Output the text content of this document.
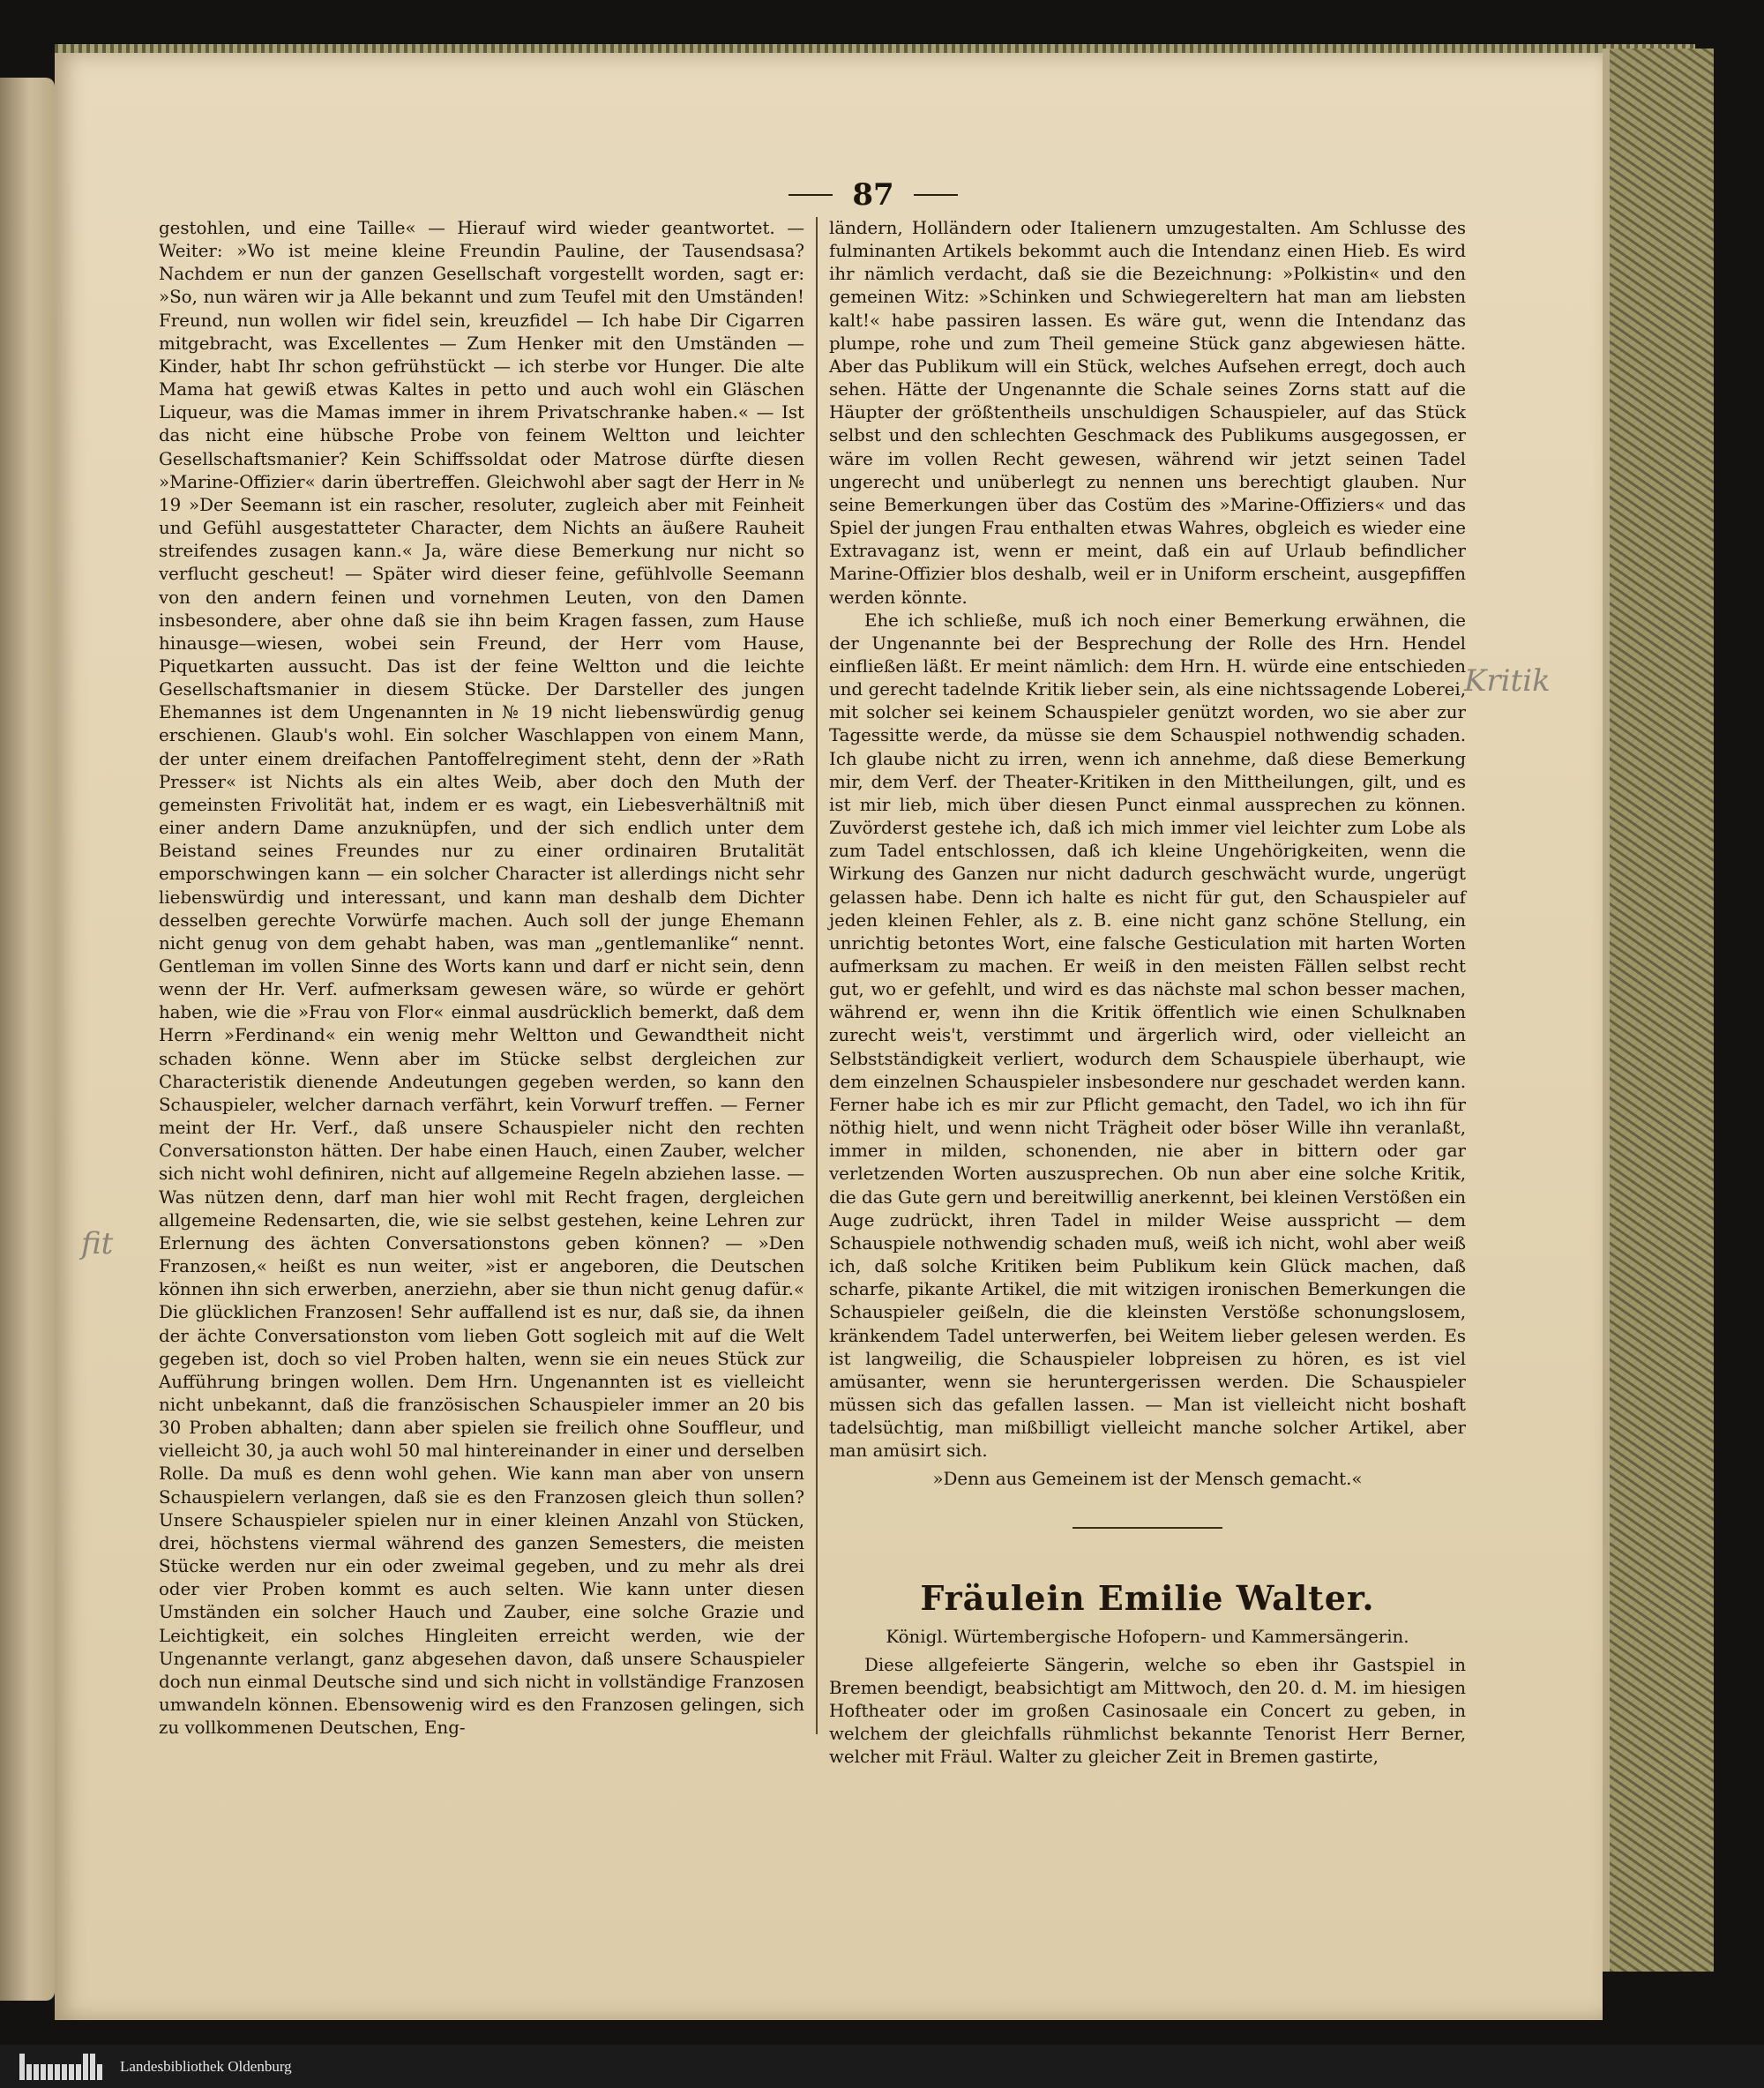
87

gestohlen, und eine Taille« — Hierauf wird wieder geantwortet. — Weiter: »Wo ist meine kleine Freundin Pauline, der Tausendsasa? Nachdem er nun der ganzen Gesellschaft vorgestellt worden, sagt er: »So, nun wären wir ja Alle bekannt und zum Teufel mit den Umständen! Freund, nun wollen wir fidel sein, kreuzfidel — Ich habe Dir Cigarren mitgebracht, was Excellentes — Zum Henker mit den Umständen — Kinder, habt Ihr schon gefrühstückt — ich sterbe vor Hunger. Die alte Mama hat gewiß etwas Kaltes in petto und auch wohl ein Gläschen Liqueur, was die Mamas immer in ihrem Privatschranke haben.« — Ist das nicht eine hübsche Probe von feinem Weltton und leichter Gesellschaftsmanier? Kein Schiffssoldat oder Matrose dürfte diesen »Marine-Offizier« darin übertreffen. Gleichwohl aber sagt der Herr in № 19 »Der Seemann ist ein rascher, resoluter, zugleich aber mit Feinheit und Gefühl ausgestatteter Character, dem Nichts an äußere Rauheit streifendes zusagen kann.« Ja, wäre diese Bemerkung nur nicht so verflucht gescheut! — Später wird dieser feine, gefühlvolle Seemann von den andern feinen und vornehmen Leuten, von den Damen insbesondere, aber ohne daß sie ihn beim Kragen fassen, zum Hause hinausge—wiesen, wobei sein Freund, der Herr vom Hause, Piquetkarten aussucht. Das ist der feine Weltton und die leichte Gesellschaftsmanier in diesem Stücke. Der Darsteller des jungen Ehemannes ist dem Ungenannten in № 19 nicht liebenswürdig genug erschienen. Glaub's wohl. Ein solcher Waschlappen von einem Mann, der unter einem dreifachen Pantoffelregiment steht, denn der »Rath Presser« ist Nichts als ein altes Weib, aber doch den Muth der gemeinsten Frivolität hat, indem er es wagt, ein Liebesverhältniß mit einer andern Dame anzuknüpfen, und der sich endlich unter dem Beistand seines Freundes nur zu einer ordinairen Brutalität emporschwingen kann — ein solcher Character ist allerdings nicht sehr liebenswürdig und interessant, und kann man deshalb dem Dichter desselben gerechte Vorwürfe machen. Auch soll der junge Ehemann nicht genug von dem gehabt haben, was man „gentlemanlike“ nennt. Gentleman im vollen Sinne des Worts kann und darf er nicht sein, denn wenn der Hr. Verf. aufmerksam gewesen wäre, so würde er gehört haben, wie die »Frau von Flor« einmal ausdrücklich bemerkt, daß dem Herrn »Ferdinand« ein wenig mehr Weltton und Gewandtheit nicht schaden könne. Wenn aber im Stücke selbst dergleichen zur Characteristik dienende Andeutungen gegeben werden, so kann den Schauspieler, welcher darnach verfährt, kein Vorwurf treffen. — Ferner meint der Hr. Verf., daß unsere Schauspieler nicht den rechten Conversationston hätten. Der habe einen Hauch, einen Zauber, welcher sich nicht wohl definiren, nicht auf allgemeine Regeln abziehen lasse. — Was nützen denn, darf man hier wohl mit Recht fragen, dergleichen allgemeine Redensarten, die, wie sie selbst gestehen, keine Lehren zur Erlernung des ächten Conversationstons geben können? — »Den Franzosen,« heißt es nun weiter, »ist er angeboren, die Deutschen können ihn sich erwerben, anerziehn, aber sie thun nicht genug dafür.« Die glücklichen Franzosen! Sehr auffallend ist es nur, daß sie, da ihnen der ächte Conversationston vom lieben Gott sogleich mit auf die Welt gegeben ist, doch so viel Proben halten, wenn sie ein neues Stück zur Aufführung bringen wollen. Dem Hrn. Ungenannten ist es vielleicht nicht unbekannt, daß die französischen Schauspieler immer an 20 bis 30 Proben abhalten; dann aber spielen sie freilich ohne Souffleur, und vielleicht 30, ja auch wohl 50 mal hintereinander in einer und derselben Rolle. Da muß es denn wohl gehen. Wie kann man aber von unsern Schauspielern verlangen, daß sie es den Franzosen gleich thun sollen? Unsere Schauspieler spielen nur in einer kleinen Anzahl von Stücken, drei, höchstens viermal während des ganzen Semesters, die meisten Stücke werden nur ein oder zweimal gegeben, und zu mehr als drei oder vier Proben kommt es auch selten. Wie kann unter diesen Umständen ein solcher Hauch und Zauber, eine solche Grazie und Leichtigkeit, ein solches Hingleiten erreicht werden, wie der Ungenannte verlangt, ganz abgesehen davon, daß unsere Schauspieler doch nun einmal Deutsche sind und sich nicht in vollständige Franzosen umwandeln können. Ebensowenig wird es den Franzosen gelingen, sich zu vollkommenen Deutschen, Eng-

ländern, Holländern oder Italienern umzugestalten. Am Schlusse des fulminanten Artikels bekommt auch die Intendanz einen Hieb. Es wird ihr nämlich verdacht, daß sie die Bezeichnung: »Polkistin« und den gemeinen Witz: »Schinken und Schwiegereltern hat man am liebsten kalt!« habe passiren lassen. Es wäre gut, wenn die Intendanz das plumpe, rohe und zum Theil gemeine Stück ganz abgewiesen hätte. Aber das Publikum will ein Stück, welches Aufsehen erregt, doch auch sehen. Hätte der Ungenannte die Schale seines Zorns statt auf die Häupter der größtentheils unschuldigen Schauspieler, auf das Stück selbst und den schlechten Geschmack des Publikums ausgegossen, er wäre im vollen Recht gewesen, während wir jetzt seinen Tadel ungerecht und unüberlegt zu nennen uns berechtigt glauben. Nur seine Bemerkungen über das Costüm des »Marine-Offiziers« und das Spiel der jungen Frau enthalten etwas Wahres, obgleich es wieder eine Extravaganz ist, wenn er meint, daß ein auf Urlaub befindlicher Marine-Offizier blos deshalb, weil er in Uniform erscheint, ausgepfiffen werden könnte.

Ehe ich schließe, muß ich noch einer Bemerkung erwähnen, die der Ungenannte bei der Besprechung der Rolle des Hrn. Hendel einfließen läßt. Er meint nämlich: dem Hrn. H. würde eine entschieden und gerecht tadelnde Kritik lieber sein, als eine nichtssagende Loberei, mit solcher sei keinem Schauspieler genützt worden, wo sie aber zur Tagessitte werde, da müsse sie dem Schauspiel nothwendig schaden. Ich glaube nicht zu irren, wenn ich annehme, daß diese Bemerkung mir, dem Verf. der Theater-Kritiken in den Mittheilungen, gilt, und es ist mir lieb, mich über diesen Punct einmal aussprechen zu können. Zuvörderst gestehe ich, daß ich mich immer viel leichter zum Lobe als zum Tadel entschlossen, daß ich kleine Ungehörigkeiten, wenn die Wirkung des Ganzen nur nicht dadurch geschwächt wurde, ungerügt gelassen habe. Denn ich halte es nicht für gut, den Schauspieler auf jeden kleinen Fehler, als z. B. eine nicht ganz schöne Stellung, ein unrichtig betontes Wort, eine falsche Gesticulation mit harten Worten aufmerksam zu machen. Er weiß in den meisten Fällen selbst recht gut, wo er gefehlt, und wird es das nächste mal schon besser machen, während er, wenn ihn die Kritik öffentlich wie einen Schulknaben zurecht weis't, verstimmt und ärgerlich wird, oder vielleicht an Selbstständigkeit verliert, wodurch dem Schauspiele überhaupt, wie dem einzelnen Schauspieler insbesondere nur geschadet werden kann. Ferner habe ich es mir zur Pflicht gemacht, den Tadel, wo ich ihn für nöthig hielt, und wenn nicht Trägheit oder böser Wille ihn veranlaßt, immer in milden, schonenden, nie aber in bittern oder gar verletzenden Worten auszusprechen. Ob nun aber eine solche Kritik, die das Gute gern und bereitwillig anerkennt, bei kleinen Verstößen ein Auge zudrückt, ihren Tadel in milder Weise ausspricht — dem Schauspiele nothwendig schaden muß, weiß ich nicht, wohl aber weiß ich, daß solche Kritiken beim Publikum kein Glück machen, daß scharfe, pikante Artikel, die mit witzigen ironischen Bemerkungen die Schauspieler geißeln, die die kleinsten Verstöße schonungslosem, kränkendem Tadel unterwerfen, bei Weitem lieber gelesen werden. Es ist langweilig, die Schauspieler lobpreisen zu hören, es ist viel amüsanter, wenn sie heruntergerissen werden. Die Schauspieler müssen sich das gefallen lassen. — Man ist vielleicht nicht boshaft tadelsüchtig, man mißbilligt vielleicht manche solcher Artikel, aber man amüsirt sich.

»Denn aus Gemeinem ist der Mensch gemacht.«

Fräulein Emilie Walter.
Königl. Würtembergische Hofopern- und Kammersängerin.

Diese allgefeierte Sängerin, welche so eben ihr Gastspiel in Bremen beendigt, beabsichtigt am Mittwoch, den 20. d. M. im hiesigen Hoftheater oder im großen Casinosaale ein Concert zu geben, in welchem der gleichfalls rühmlichst bekannte Tenorist Herr Berner, welcher mit Fräul. Walter zu gleicher Zeit in Bremen gastirte,

fit
Kritik
Landesbibliothek Oldenburg
